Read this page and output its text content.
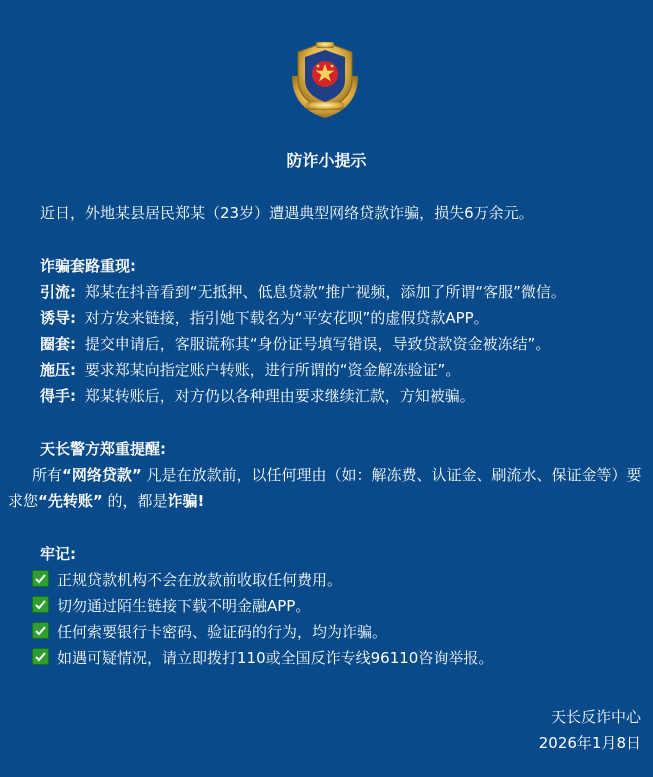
防诈小提示
近日，外地某县居民郑某（23岁）遭遇典型网络贷款诈骗，损失6万余元。
诈骗套路重现:
引流: 郑某在抖音看到“无抵押、低息贷款”推广视频，添加了所谓“客服”微信。
诱导: 对方发来链接，指引她下载名为“平安花呗”的虚假贷款APP。
圈套: 提交申请后，客服谎称其“身份证号填写错误，导致贷款资金被冻结”。
施压: 要求郑某向指定账户转账，进行所谓的“资金解冻验证”。
得手: 郑某转账后，对方仍以各种理由要求继续汇款，方知被骗。
天长警方郑重提醒:
所有“网络贷款” 凡是在放款前，以任何理由（如：解冻费、认证金、刷流水、保证金等）要求您“先转账” 的，都是诈骗!
牢记:
正规贷款机构不会在放款前收取任何费用。
切勿通过陌生链接下载不明金融APP。
任何索要银行卡密码、验证码的行为，均为诈骗。
如遇可疑情况，请立即拨打110或全国反诈专线96110咨询举报。
天长反诈中心
2026年1月8日
